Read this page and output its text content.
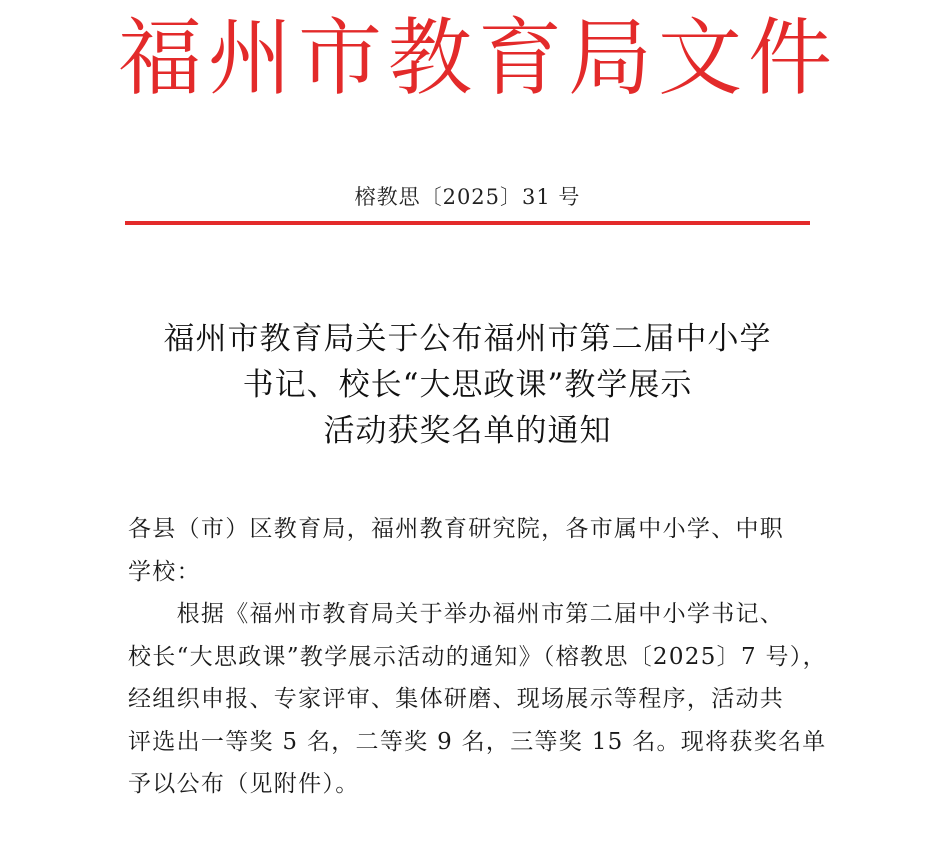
福州市教育局文件
榕教思〔2025〕31 号
福州市教育局关于公布福州市第二届中小学
书记、校长“大思政课”教学展示
活动获奖名单的通知
各县（市）区教育局，福州教育研究院，各市属中小学、中职
学校：
　　根据《福州市教育局关于举办福州市第二届中小学书记、
校长“大思政课”教学展示活动的通知》（榕教思〔2025〕7 号），
经组织申报、专家评审、集体研磨、现场展示等程序，活动共
评选出一等奖 5 名，二等奖 9 名，三等奖 15 名。现将获奖名单
予以公布（见附件）。
